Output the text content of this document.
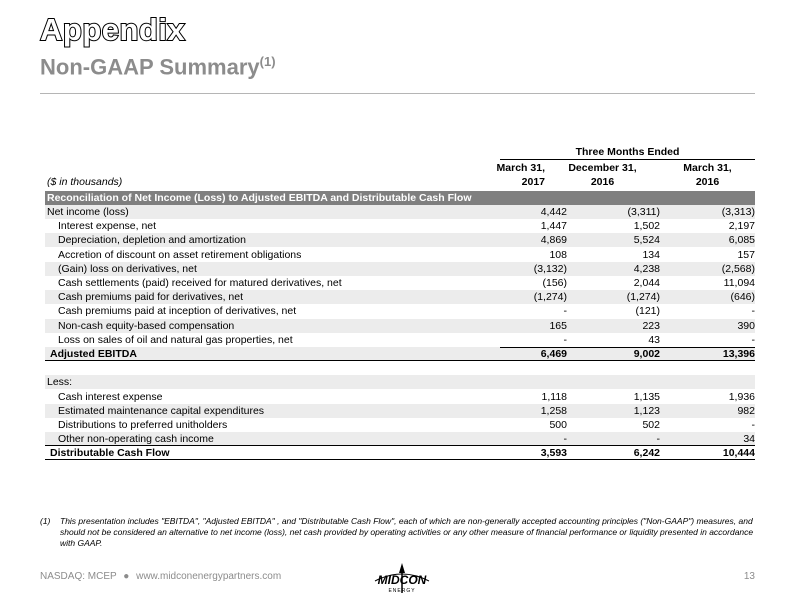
Appendix
Non-GAAP Summary$^{(1)}$
Three Months Ended
March 31,	December 31,	March 31,
($ in thousands)	2017	2016	2016
Reconciliation of Net Income (Loss) to Adjusted EBITDA and Distributable Cash Flow
Net income (loss)	4,442	(3,311)	(3,313)
Interest expense, net	1,447	1,502	2,197
Depreciation, depletion and amortization	4,869	5,524	6,085
Accretion of discount on asset retirement obligations	108	134	157
(Gain) loss on derivatives, net	(3,132)	4,238	(2,568)
Cash settlements (paid) received for matured derivatives, net	(156)	2,044	11,094
Cash premiums paid for derivatives, net	(1,274)	(1,274)	(646)
Cash premiums paid at inception of derivatives, net	-	(121)	-
Non-cash equity-based compensation	165	223	390
Loss on sales of oil and natural gas properties, net	-	43	-
Adjusted EBITDA	6,469	9,002	13,396
Less:
Cash interest expense	1,118	1,135	1,936
Estimated maintenance capital expenditures	1,258	1,123	982
Distributions to preferred unitholders	500	502	-
Other non-operating cash income	-	-	34
Distributable Cash Flow	3,593	6,242	10,444
(1) This presentation includes "EBITDA", "Adjusted EBITDA" , and "Distributable Cash Flow", each of which are non-generally accepted accounting principles ("Non-GAAP") measures, and should not be considered an alternative to net income (loss), net cash provided by operating activities or any other measure of financial performance or liquidity presented in accordance with GAAP.
NASDAQ: MCEP ● www.midconenergypartners.com	MIDCON
ENERGY
13
